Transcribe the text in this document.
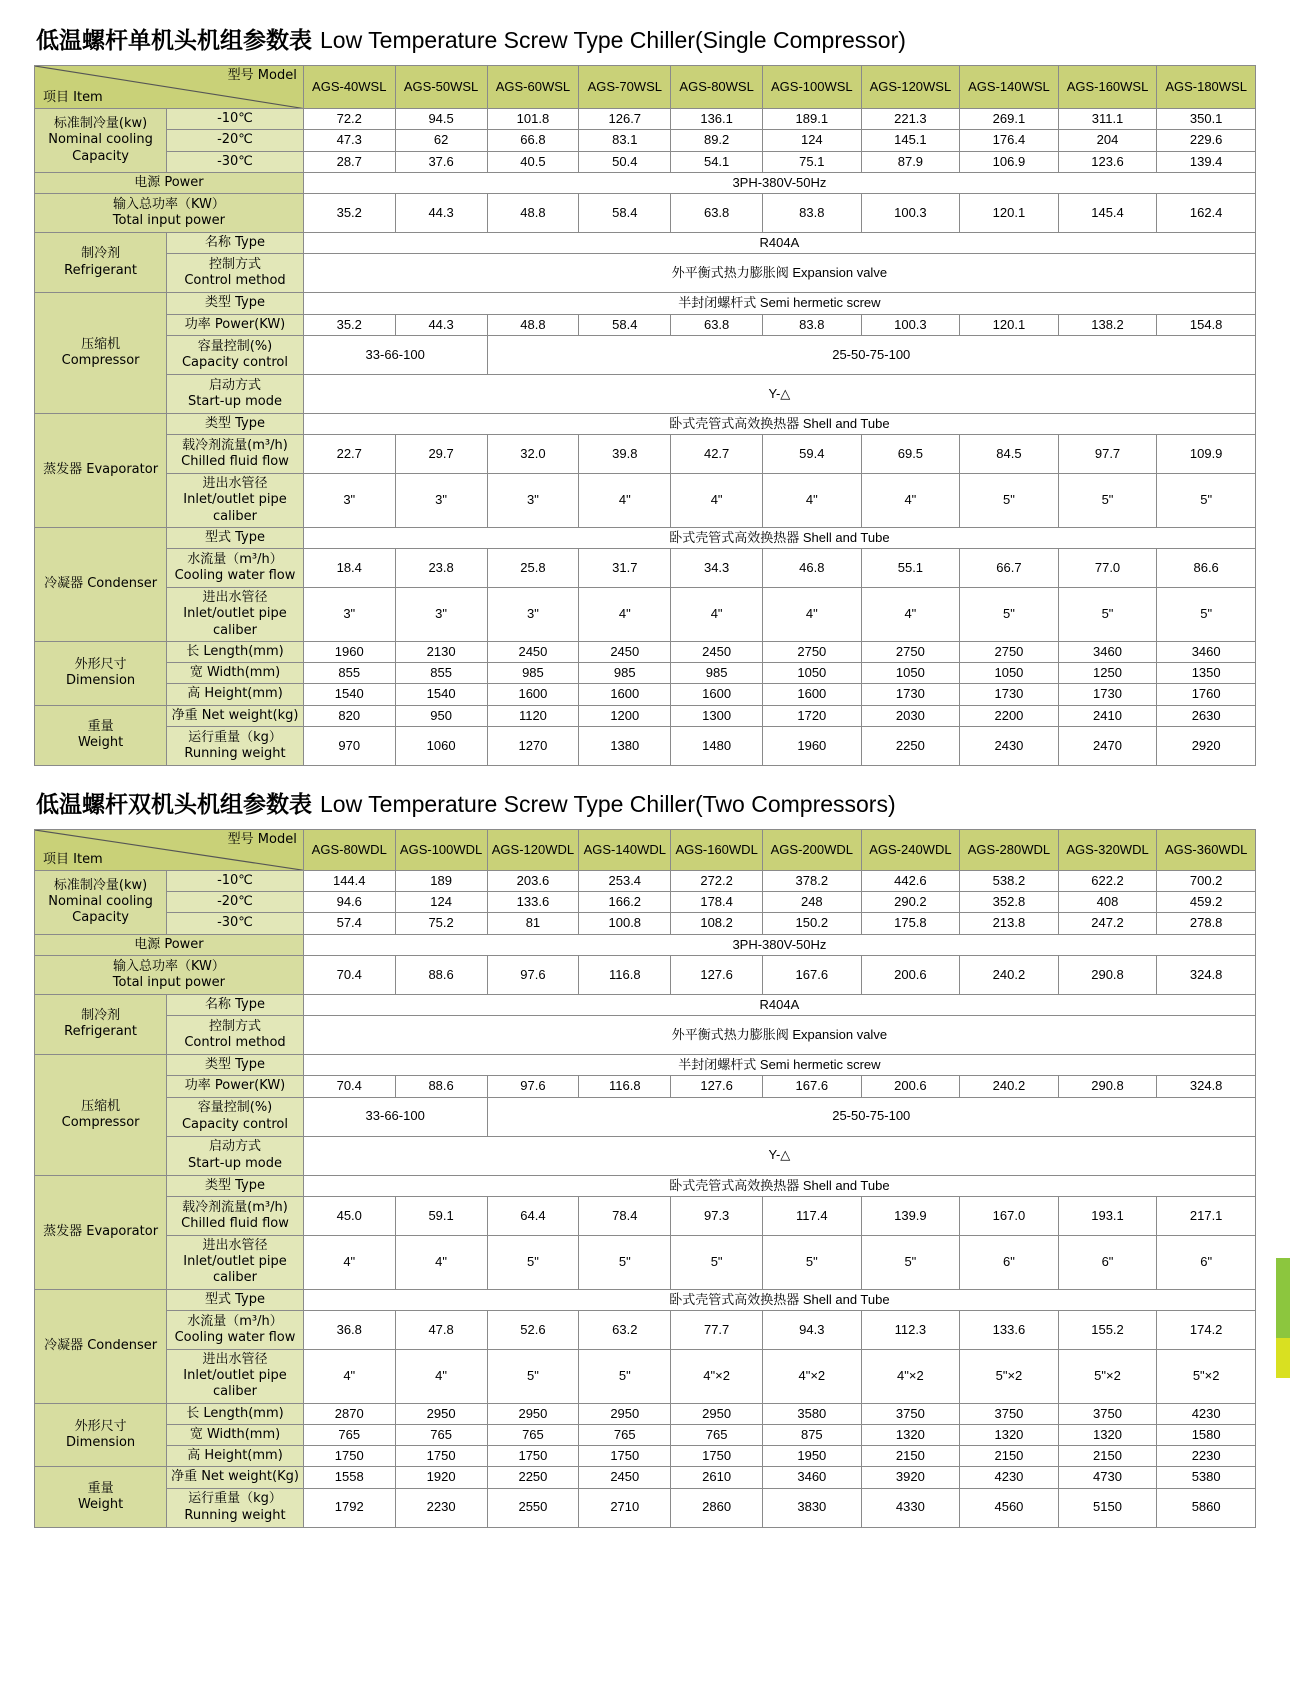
低温螺杆单机头机组参数表 Low Temperature Screw Type Chiller(Single Compressor)
型号 Model
项目 Item		AGS-40WSL	AGS-50WSL	AGS-60WSL	AGS-70WSL	AGS-80WSL	AGS-100WSL	AGS-120WSL	AGS-140WSL	AGS-160WSL	AGS-180WSL

标准制冷量(kw)
Nominal cooling
Capacity	-10℃	72.2	94.5	101.8	126.7	136.1	189.1	221.3	269.1	311.1	350.1
	-20℃	47.3	62	66.8	83.1	89.2	124	145.1	176.4	204	229.6
	-30℃	28.7	37.6	40.5	50.4	54.1	75.1	87.9	106.9	123.6	139.4
电源 Power		3PH-380V-50Hz									

输入总功率（KW）
Total input power		35.2	44.3	48.8	58.4	63.8	83.8	100.3	120.1	145.4	162.4

制冷剂
Refrigerant	名称 Type	R404A									

	控制方式
Control method	外平衡式热力膨胀阀 Expansion valve									

压缩机
Compressor	类型 Type	半封闭螺杆式 Semi hermetic screw									
	功率 Power(KW)	35.2	44.3	48.8	58.4	63.8	83.8	100.3	120.1	138.2	154.8

	容量控制(%)
Capacity control	33-66-100		25-50-75-100							

	启动方式
Start-up mode	Y-△									
蒸发器 Evaporator	类型 Type	卧式壳管式高效换热器 Shell and Tube									

	载冷剂流量(m³/h)
Chilled fluid flow	22.7	29.7	32.0	39.8	42.7	59.4	69.5	84.5	97.7	109.9

	进出水管径
Inlet/outlet pipe caliber	3"	3"	3"	4"	4"	4"	4"	5"	5"	5"
冷凝器 Condenser	型式 Type	卧式壳管式高效换热器 Shell and Tube									

	水流量（m³/h）
Cooling water flow	18.4	23.8	25.8	31.7	34.3	46.8	55.1	66.7	77.0	86.6

	进出水管径
Inlet/outlet pipe caliber	3"	3"	3"	4"	4"	4"	4"	5"	5"	5"

外形尺寸
Dimension	长 Length(mm)	1960	2130	2450	2450	2450	2750	2750	2750	3460	3460
	宽 Width(mm)	855	855	985	985	985	1050	1050	1050	1250	1350
	高 Height(mm)	1540	1540	1600	1600	1600	1600	1730	1730	1730	1760

重量
Weight	净重 Net weight(kg)	820	950	1120	1200	1300	1720	2030	2200	2410	2630

	运行重量（kg）
Running weight	970	1060	1270	1380	1480	1960	2250	2430	2470	2920
低温螺杆双机头机组参数表 Low Temperature Screw Type Chiller(Two Compressors)
型号 Model
项目 Item		AGS-80WDL	AGS-100WDL	AGS-120WDL	AGS-140WDL	AGS-160WDL	AGS-200WDL	AGS-240WDL	AGS-280WDL	AGS-320WDL	AGS-360WDL

标准制冷量(kw)
Nominal cooling
Capacity	-10℃	144.4	189	203.6	253.4	272.2	378.2	442.6	538.2	622.2	700.2
	-20℃	94.6	124	133.6	166.2	178.4	248	290.2	352.8	408	459.2
	-30℃	57.4	75.2	81	100.8	108.2	150.2	175.8	213.8	247.2	278.8
电源 Power		3PH-380V-50Hz									

输入总功率（KW）
Total input power		70.4	88.6	97.6	116.8	127.6	167.6	200.6	240.2	290.8	324.8

制冷剂
Refrigerant	名称 Type	R404A									

	控制方式
Control method	外平衡式热力膨胀阀 Expansion valve									

压缩机
Compressor	类型 Type	半封闭螺杆式 Semi hermetic screw									
	功率 Power(KW)	70.4	88.6	97.6	116.8	127.6	167.6	200.6	240.2	290.8	324.8

	容量控制(%)
Capacity control	33-66-100		25-50-75-100							

	启动方式
Start-up mode	Y-△									
蒸发器 Evaporator	类型 Type	卧式壳管式高效换热器 Shell and Tube									

	载冷剂流量(m³/h)
Chilled fluid flow	45.0	59.1	64.4	78.4	97.3	117.4	139.9	167.0	193.1	217.1

	进出水管径
Inlet/outlet pipe caliber	4"	4"	5"	5"	5"	5"	5"	6"	6"	6"
冷凝器 Condenser	型式 Type	卧式壳管式高效换热器 Shell and Tube									

	水流量（m³/h）
Cooling water flow	36.8	47.8	52.6	63.2	77.7	94.3	112.3	133.6	155.2	174.2

	进出水管径
Inlet/outlet pipe caliber	4"	4"	5"	5"	4"×2	4"×2	4"×2	5"×2	5"×2	5"×2

外形尺寸
Dimension	长 Length(mm)	2870	2950	2950	2950	2950	3580	3750	3750	3750	4230
	宽 Width(mm)	765	765	765	765	765	875	1320	1320	1320	1580
	高 Height(mm)	1750	1750	1750	1750	1750	1950	2150	2150	2150	2230

重量
Weight	净重 Net weight(Kg)	1558	1920	2250	2450	2610	3460	3920	4230	4730	5380

	运行重量（kg）
Running weight	1792	2230	2550	2710	2860	3830	4330	4560	5150	5860
